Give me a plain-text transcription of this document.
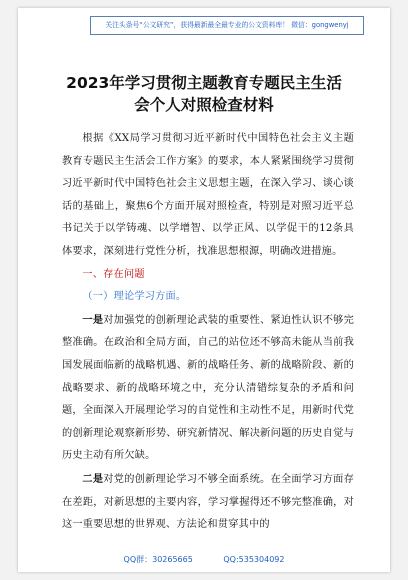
关注头条号“公文研究”，获得最新最全最专业的公文资料库！ 微信：gongwenyj
2023年学习贯彻主题教育专题民主生活
会个人对照检查材料

根据《XX局学习贯彻习近平新时代中国特色社会主义主题教育专题民主生活会工作方案》的要求，本人紧紧围绕学习贯彻习近平新时代中国特色社会主义思想主题，在深入学习、谈心谈话的基础上，聚焦6个方面开展对照检查，特别是对照习近平总书记关于以学铸魂、以学增智、以学正风、以学促干的12条具体要求，深刻进行党性分析，找准思想根源，明确改进措施。

一、存在问题

（一）理论学习方面。

一是对加强党的创新理论武装的重要性、紧迫性认识不够完整准确。在政治和全局方面，自己的站位还不够高未能从当前我国发展面临新的战略机遇、新的战略任务、新的战略阶段、新的战略要求、新的战略环境之中，充分认清错综复杂的矛盾和问题，全面深入开展理论学习的自觉性和主动性不足，用新时代党的创新理论观察新形势、研究新情况、解决新问题的历史自觉与历史主动有所欠缺。

二是对党的创新理论学习不够全面系统。在全面学习方面存在差距，对新思想的主要内容，学习掌握得还不够完整准确，对这一重要思想的世界观、方法论和贯穿其中的

QQ群：30265665	QQ:535304092
